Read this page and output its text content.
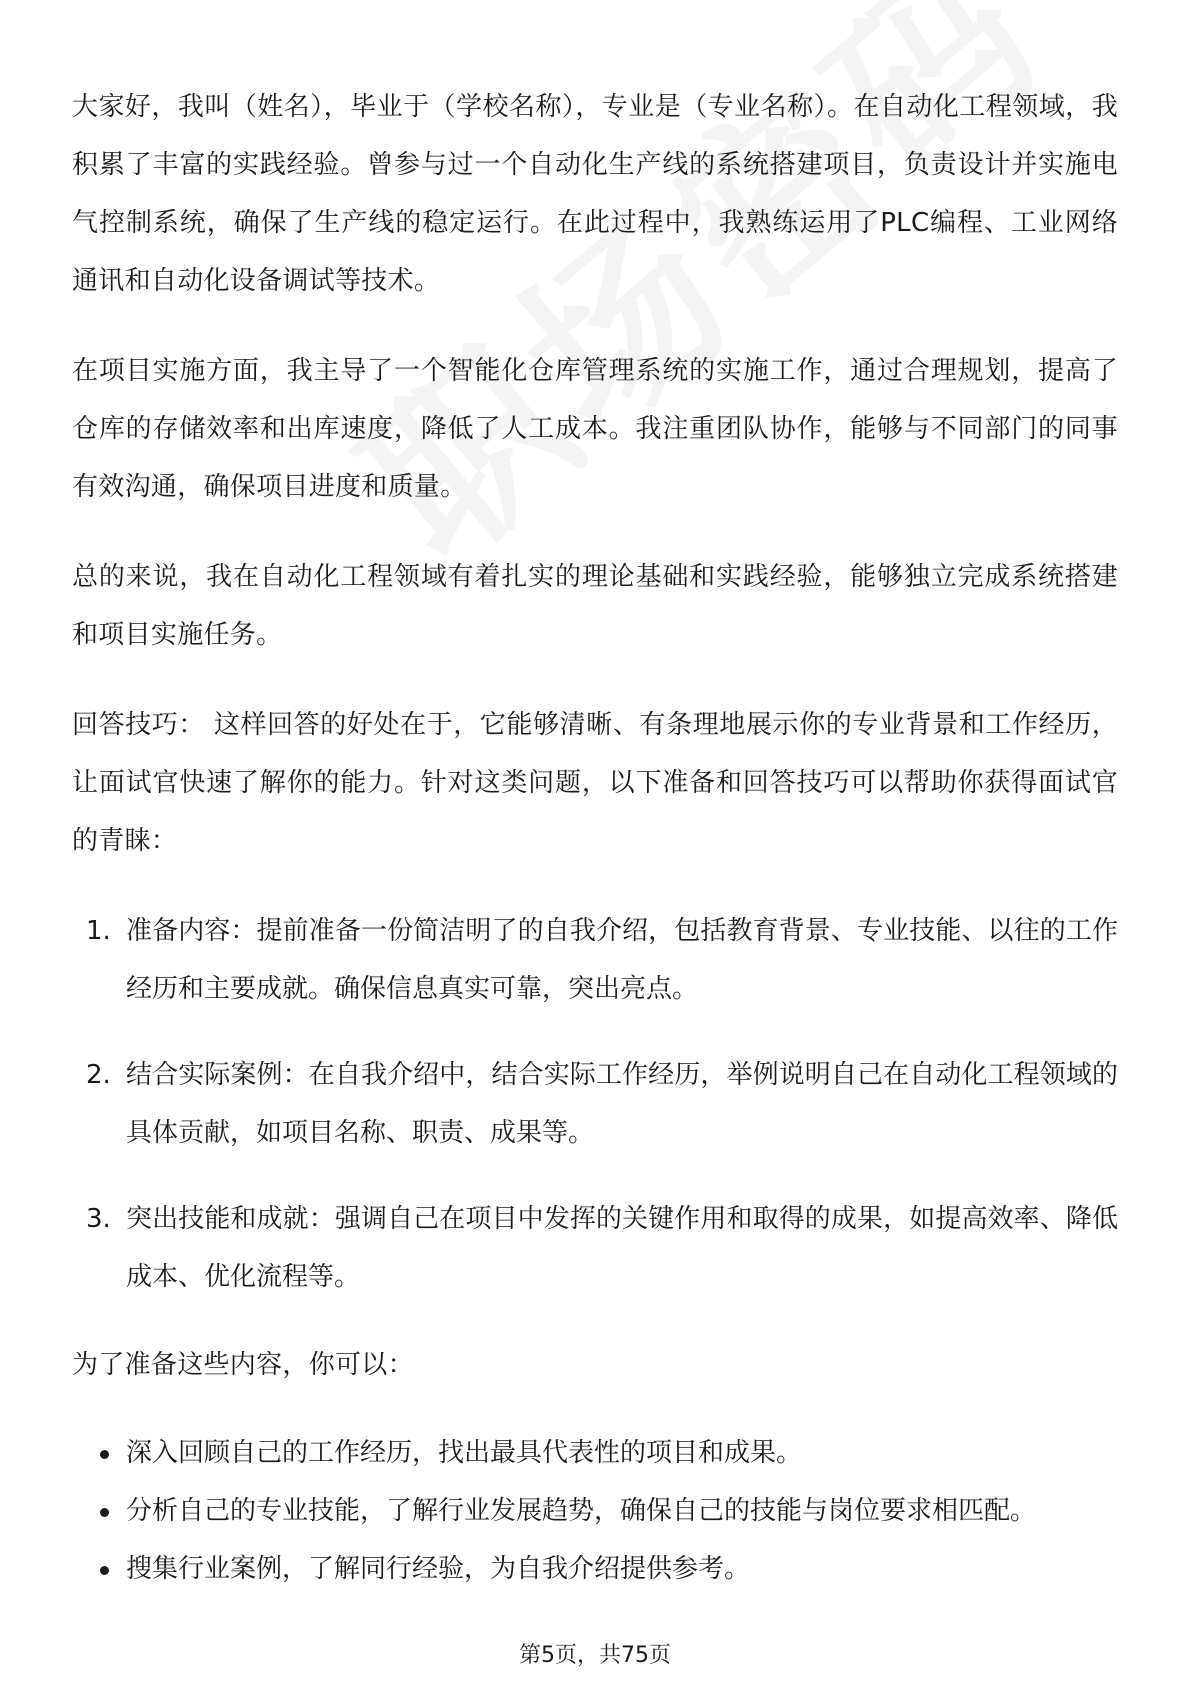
大家好，我叫（姓名），毕业于（学校名称），专业是（专业名称）。在自动化工程领域，我积累了丰富的实践经验。曾参与过一个自动化生产线的系统搭建项目，负责设计并实施电气控制系统，确保了生产线的稳定运行。在此过程中，我熟练运用了PLC编程、工业网络通讯和自动化设备调试等技术。

在项目实施方面，我主导了一个智能化仓库管理系统的实施工作，通过合理规划，提高了仓库的存储效率和出库速度，降低了人工成本。我注重团队协作，能够与不同部门的同事有效沟通，确保项目进度和质量。

总的来说，我在自动化工程领域有着扎实的理论基础和实践经验，能够独立完成系统搭建和项目实施任务。

回答技巧： 这样回答的好处在于，它能够清晰、有条理地展示你的专业背景和工作经历，让面试官快速了解你的能力。针对这类问题，以下准备和回答技巧可以帮助你获得面试官的青睐：

1. 准备内容：提前准备一份简洁明了的自我介绍，包括教育背景、专业技能、以往的工作经历和主要成就。确保信息真实可靠，突出亮点。
2. 结合实际案例：在自我介绍中，结合实际工作经历，举例说明自己在自动化工程领域的具体贡献，如项目名称、职责、成果等。
3. 突出技能和成就：强调自己在项目中发挥的关键作用和取得的成果，如提高效率、降低成本、优化流程等。

为了准备这些内容，你可以：

深入回顾自己的工作经历，找出最具代表性的项目和成果。
分析自己的专业技能，了解行业发展趋势，确保自己的技能与岗位要求相匹配。
搜集行业案例，了解同行经验，为自我介绍提供参考。
第5页，共75页
